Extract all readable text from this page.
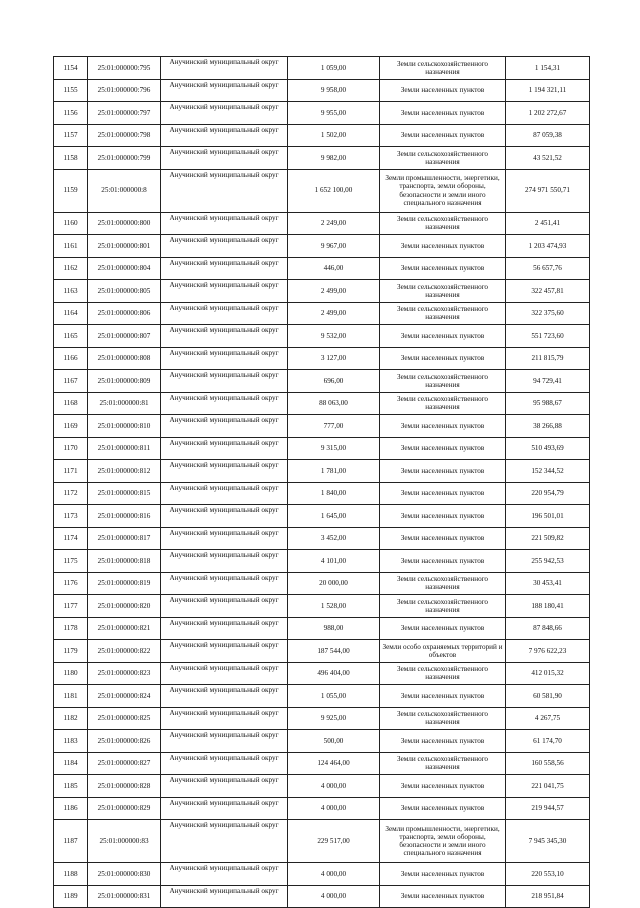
1154	25:01:000000:795	Анучинский муниципальный округ	1 059,00	Земли сельскохозяйственного назначения	1 154,31
1155	25:01:000000:796	Анучинский муниципальный округ	9 958,00	Земли населенных пунктов	1 194 321,11
1156	25:01:000000:797	Анучинский муниципальный округ	9 955,00	Земли населенных пунктов	1 202 272,67
1157	25:01:000000:798	Анучинский муниципальный округ	1 502,00	Земли населенных пунктов	87 059,38
1158	25:01:000000:799	Анучинский муниципальный округ	9 982,00	Земли сельскохозяйственного назначения	43 521,52
1159	25:01:000000:8	Анучинский муниципальный округ	1 652 100,00	Земли промышленности, энергетики, транспорта, земли обороны, безопасности и земли иного специального назначения	274 971 550,71
1160	25:01:000000:800	Анучинский муниципальный округ	2 249,00	Земли сельскохозяйственного назначения	2 451,41
1161	25:01:000000:801	Анучинский муниципальный округ	9 967,00	Земли населенных пунктов	1 203 474,93
1162	25:01:000000:804	Анучинский муниципальный округ	446,00	Земли населенных пунктов	56 657,76
1163	25:01:000000:805	Анучинский муниципальный округ	2 499,00	Земли сельскохозяйственного назначения	322 457,81
1164	25:01:000000:806	Анучинский муниципальный округ	2 499,00	Земли сельскохозяйственного назначения	322 375,60
1165	25:01:000000:807	Анучинский муниципальный округ	9 532,00	Земли населенных пунктов	551 723,60
1166	25:01:000000:808	Анучинский муниципальный округ	3 127,00	Земли населенных пунктов	211 815,79
1167	25:01:000000:809	Анучинский муниципальный округ	696,00	Земли сельскохозяйственного назначения	94 729,41
1168	25:01:000000:81	Анучинский муниципальный округ	88 063,00	Земли сельскохозяйственного назначения	95 988,67
1169	25:01:000000:810	Анучинский муниципальный округ	777,00	Земли населенных пунктов	38 266,88
1170	25:01:000000:811	Анучинский муниципальный округ	9 315,00	Земли населенных пунктов	510 493,69
1171	25:01:000000:812	Анучинский муниципальный округ	1 781,00	Земли населенных пунктов	152 344,52
1172	25:01:000000:815	Анучинский муниципальный округ	1 840,00	Земли населенных пунктов	220 954,79
1173	25:01:000000:816	Анучинский муниципальный округ	1 645,00	Земли населенных пунктов	196 501,01
1174	25:01:000000:817	Анучинский муниципальный округ	3 452,00	Земли населенных пунктов	221 509,82
1175	25:01:000000:818	Анучинский муниципальный округ	4 101,00	Земли населенных пунктов	255 942,53
1176	25:01:000000:819	Анучинский муниципальный округ	20 000,00	Земли сельскохозяйственного назначения	30 453,41
1177	25:01:000000:820	Анучинский муниципальный округ	1 528,00	Земли сельскохозяйственного назначения	188 180,41
1178	25:01:000000:821	Анучинский муниципальный округ	988,00	Земли населенных пунктов	87 848,66
1179	25:01:000000:822	Анучинский муниципальный округ	187 544,00	Земли особо охраняемых территорий и объектов	7 976 622,23
1180	25:01:000000:823	Анучинский муниципальный округ	496 404,00	Земли сельскохозяйственного назначения	412 015,32
1181	25:01:000000:824	Анучинский муниципальный округ	1 055,00	Земли населенных пунктов	60 581,90
1182	25:01:000000:825	Анучинский муниципальный округ	9 925,00	Земли сельскохозяйственного назначения	4 267,75
1183	25:01:000000:826	Анучинский муниципальный округ	500,00	Земли населенных пунктов	61 174,70
1184	25:01:000000:827	Анучинский муниципальный округ	124 464,00	Земли сельскохозяйственного назначения	160 558,56
1185	25:01:000000:828	Анучинский муниципальный округ	4 000,00	Земли населенных пунктов	221 041,75
1186	25:01:000000:829	Анучинский муниципальный округ	4 000,00	Земли населенных пунктов	219 944,57
1187	25:01:000000:83	Анучинский муниципальный округ	229 517,00	Земли промышленности, энергетики, транспорта, земли обороны, безопасности и земли иного специального назначения	7 945 345,30
1188	25:01:000000:830	Анучинский муниципальный округ	4 000,00	Земли населенных пунктов	220 553,10
1189	25:01:000000:831	Анучинский муниципальный округ	4 000,00	Земли населенных пунктов	218 951,84
